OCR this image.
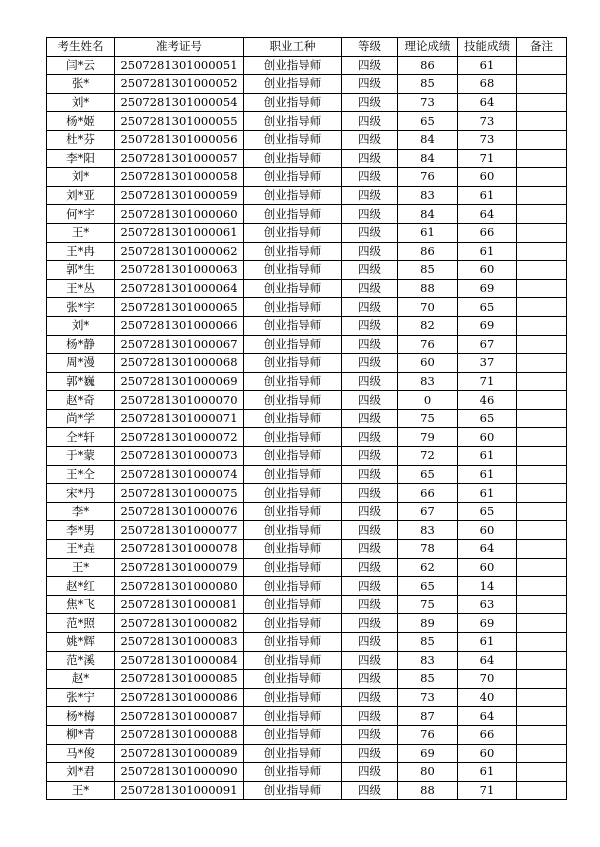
考生姓名	准考证号	职业工种	等级	理论成绩	技能成绩	备注
闫*云	2507281301000051	创业指导师	四级	86	61	
张*	2507281301000052	创业指导师	四级	85	68	
刘*	2507281301000054	创业指导师	四级	73	64	
杨*姬	2507281301000055	创业指导师	四级	65	73	
杜*芬	2507281301000056	创业指导师	四级	84	73	
李*阳	2507281301000057	创业指导师	四级	84	71	
刘*	2507281301000058	创业指导师	四级	76	60	
刘*亚	2507281301000059	创业指导师	四级	83	61	
何*宇	2507281301000060	创业指导师	四级	84	64	
王*	2507281301000061	创业指导师	四级	61	66	
王*冉	2507281301000062	创业指导师	四级	86	61	
郭*生	2507281301000063	创业指导师	四级	85	60	
王*丛	2507281301000064	创业指导师	四级	88	69	
张*宇	2507281301000065	创业指导师	四级	70	65	
刘*	2507281301000066	创业指导师	四级	82	69	
杨*静	2507281301000067	创业指导师	四级	76	67	
周*漫	2507281301000068	创业指导师	四级	60	37	
郭*巍	2507281301000069	创业指导师	四级	83	71	
赵*奇	2507281301000070	创业指导师	四级	0	46	
尚*学	2507281301000071	创业指导师	四级	75	65	
仝*轩	2507281301000072	创业指导师	四级	79	60	
于*蒙	2507281301000073	创业指导师	四级	72	61	
王*仝	2507281301000074	创业指导师	四级	65	61	
宋*丹	2507281301000075	创业指导师	四级	66	61	
李*	2507281301000076	创业指导师	四级	67	65	
李*男	2507281301000077	创业指导师	四级	83	60	
王*垚	2507281301000078	创业指导师	四级	78	64	
王*	2507281301000079	创业指导师	四级	62	60	
赵*红	2507281301000080	创业指导师	四级	65	14	
焦*飞	2507281301000081	创业指导师	四级	75	63	
范*照	2507281301000082	创业指导师	四级	89	69	
姚*辉	2507281301000083	创业指导师	四级	85	61	
范*溪	2507281301000084	创业指导师	四级	83	64	
赵*	2507281301000085	创业指导师	四级	85	70	
张*宁	2507281301000086	创业指导师	四级	73	40	
杨*梅	2507281301000087	创业指导师	四级	87	64	
柳*青	2507281301000088	创业指导师	四级	76	66	
马*俊	2507281301000089	创业指导师	四级	69	60	
刘*君	2507281301000090	创业指导师	四级	80	61	
王*	2507281301000091	创业指导师	四级	88	71	
